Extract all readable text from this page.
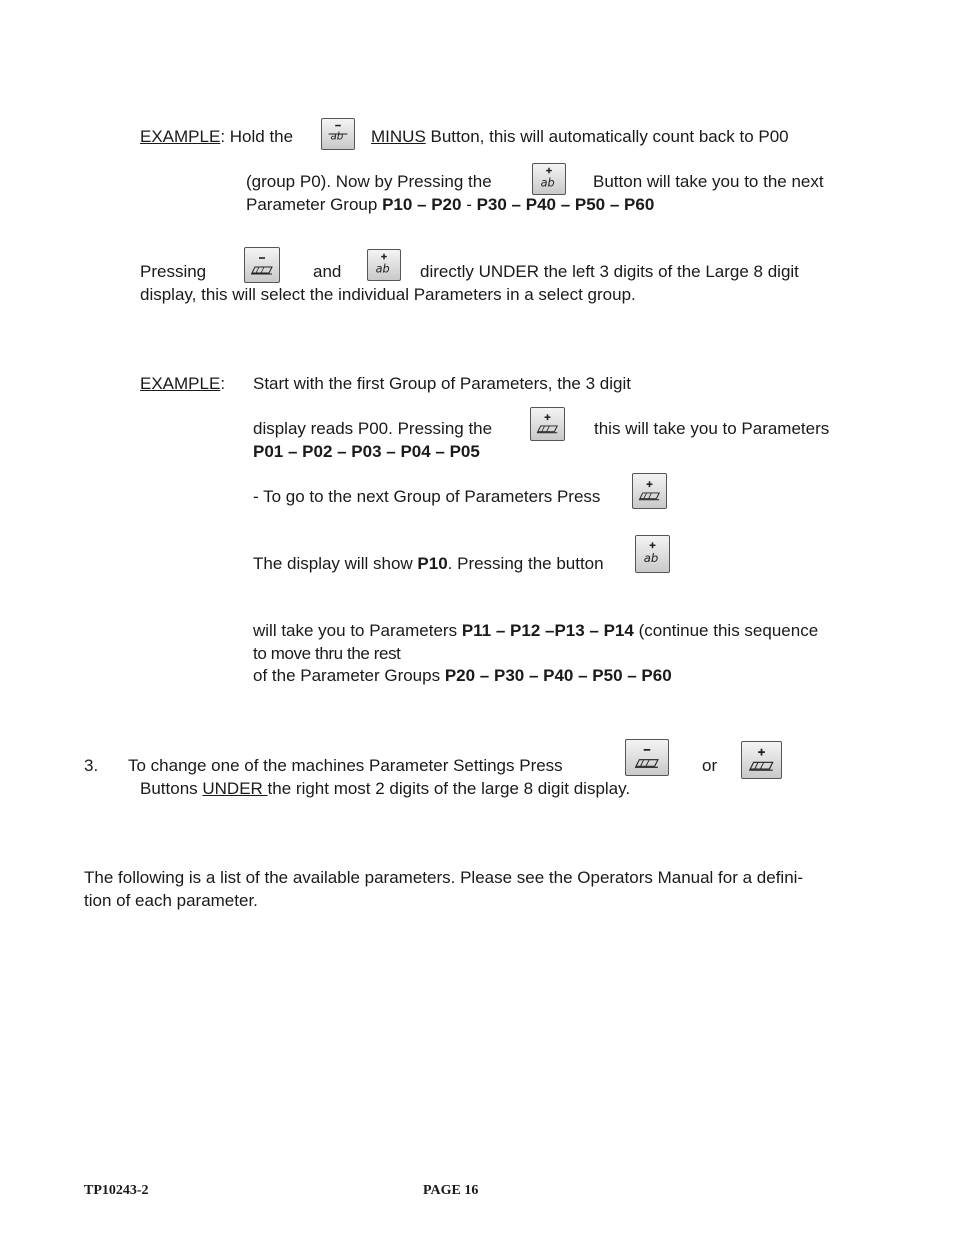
EXAMPLE: Hold the	MINUS Button, this will automatically count back to P00
(group P0). Now by Pressing the	Button will take you to the next
Parameter Group P10 – P20 - P30 – P40 – P50 – P60
Pressing	and	directly UNDER the left 3 digits of the Large 8 digit
display, this will select the individual Parameters in a select group.
EXAMPLE: Start with the first Group of Parameters, the 3 digit
display reads P00. Pressing the	this will take you to Parameters
P01 – P02 – P03 – P04 – P05
- To go to the next Group of Parameters Press
The display will show P10. Pressing the button
will take you to Parameters P11 – P12 –P13 – P14 (continue this sequence
to move thru the rest
of the Parameter Groups P20 – P30 – P40 – P50 – P60
3. To change one of the machines Parameter Settings Press	or
Buttons UNDER the right most 2 digits of the large 8 digit display.
The following is a list of the available parameters. Please see the Operators Manual for a defini-
tion of each parameter.
TP10243-2	PAGE 16
